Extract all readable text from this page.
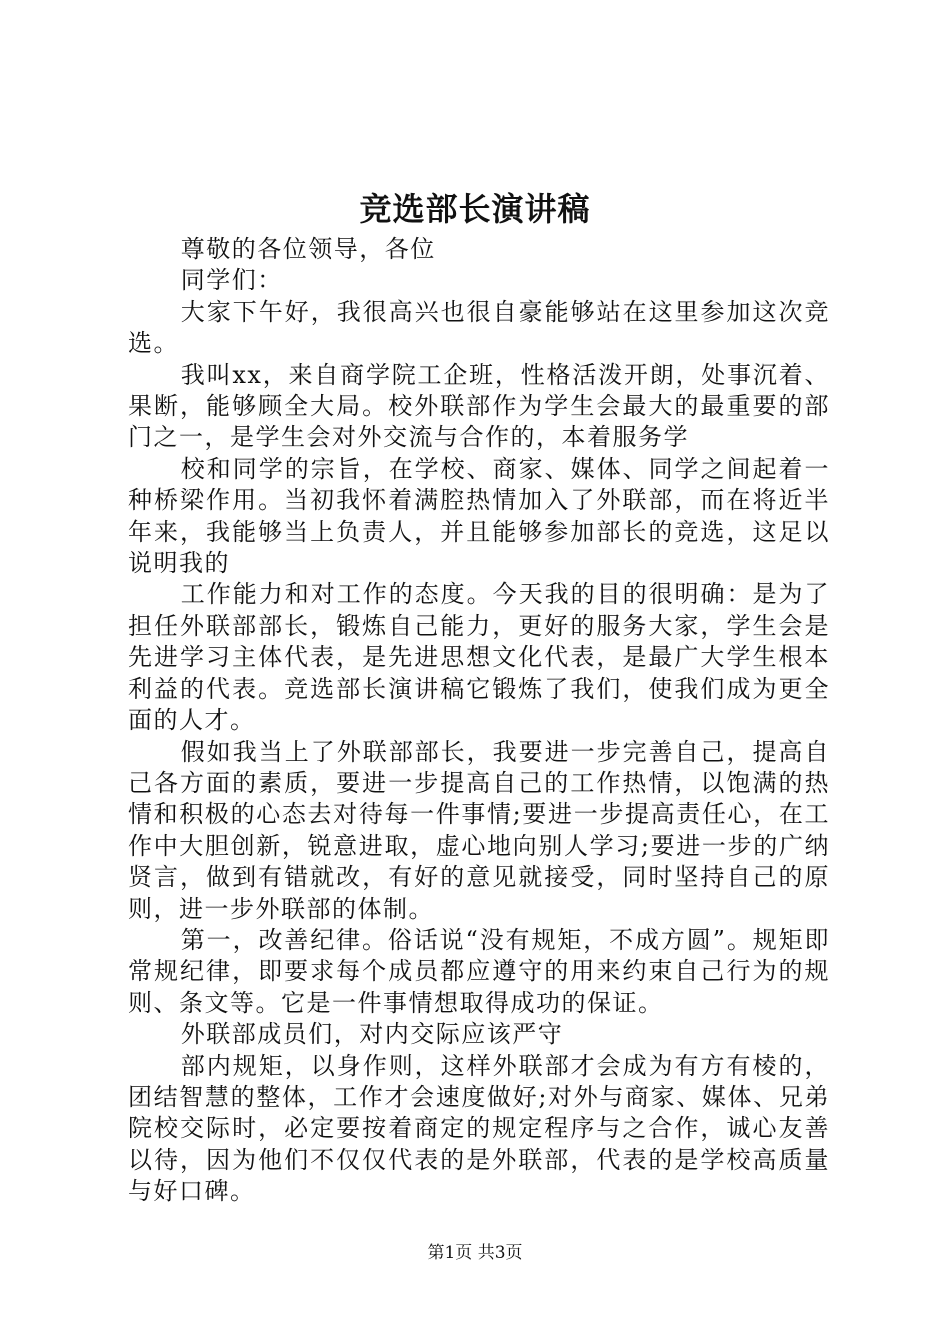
竞选部长演讲稿

尊敬的各位领导，各位

同学们：

大家下午好，我很高兴也很自豪能够站在这里参加这次竞选。

我叫xx，来自商学院工企班，性格活泼开朗，处事沉着、果断，能够顾全大局。校外联部作为学生会最大的最重要的部门之一，是学生会对外交流与合作的，本着服务学

校和同学的宗旨，在学校、商家、媒体、同学之间起着一种桥梁作用。当初我怀着满腔热情加入了外联部，而在将近半年来，我能够当上负责人，并且能够参加部长的竞选，这足以说明我的

工作能力和对工作的态度。今天我的目的很明确：是为了担任外联部部长，锻炼自己能力，更好的服务大家，学生会是先进学习主体代表，是先进思想文化代表，是最广大学生根本利益的代表。竞选部长演讲稿它锻炼了我们，使我们成为更全面的人才。

假如我当上了外联部部长，我要进一步完善自己，提高自己各方面的素质，要进一步提高自己的工作热情，以饱满的热情和积极的心态去对待每一件事情;要进一步提高责任心，在工作中大胆创新，锐意进取，虚心地向别人学习;要进一步的广纳贤言，做到有错就改，有好的意见就接受，同时坚持自己的原则，进一步外联部的体制。

第一，改善纪律。俗话说“没有规矩，不成方圆”。规矩即常规纪律，即要求每个成员都应遵守的用来约束自己行为的规则、条文等。它是一件事情想取得成功的保证。

外联部成员们，对内交际应该严守

部内规矩，以身作则，这样外联部才会成为有方有棱的，团结智慧的整体，工作才会速度做好;对外与商家、媒体、兄弟院校交际时，必定要按着商定的规定程序与之合作，诚心友善以待，因为他们不仅仅代表的是外联部，代表的是学校高质量与好口碑。

第1页 共3页
